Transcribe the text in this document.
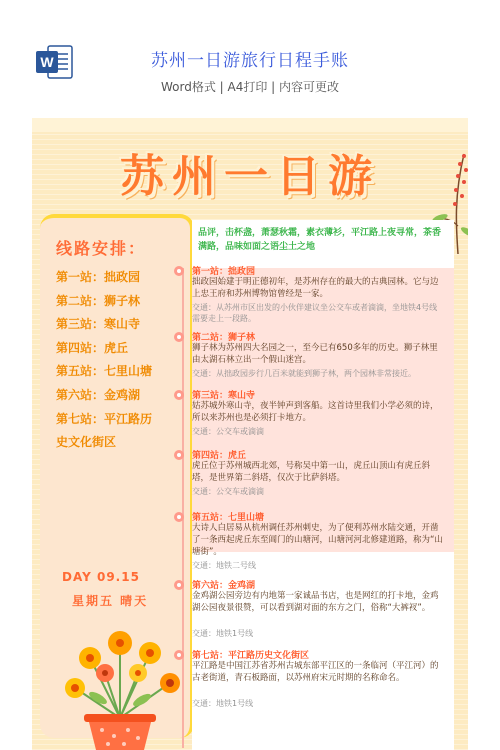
W	苏州一日游旅行日程手账
Word格式 | A4打印 | 内容可更改
苏州一日游
线路安排：
第一站：拙政园
第二站：狮子林
第三站：寒山寺
第四站：虎丘
第五站：七里山塘
第六站：金鸡湖
第七站：平江路历
史文化街区
DAY 09.15
星期五 晴天
品评，击杯盏，萧瑟秋霜，素衣薄衫，平江路上夜寻常，茶香满路，品味如面之语尘土之地
第一站：拙政园
拙政园始建于明正德初年，是苏州存在的最大的古典园林。它与边上忠王府和苏州博物馆曾经是一家。
交通：从苏州市区出发的小伙伴建议坐公交车或者滴滴，坐地铁4号线需要走上一段路。
第二站：狮子林
狮子林为苏州四大名园之一，至今已有650多年的历史。狮子林里由太湖石林立出一个假山迷宫。
交通：从拙政园步行几百米就能到狮子林，两个园林非常接近。
第三站：寒山寺
姑苏城外寒山寺，夜半钟声到客船。这首诗里我们小学必须的诗，所以来苏州也是必须打卡地方。
交通：公交车或滴滴
第四站：虎丘
虎丘位于苏州城西北郊，号称吴中第一山，虎丘山顶山有虎丘斜塔，是世界第二斜塔，仅次于比萨斜塔。
交通：公交车或滴滴
第五站：七里山塘
大诗人白居易从杭州调任苏州刺史，为了便利苏州水陆交通，开凿了一条西起虎丘东至阊门的山塘河，山塘河河北修建道路，称为“山塘街”。
交通：地铁二号线
第六站：金鸡湖
金鸡湖公园旁边有内地第一家诚品书店，也是网红的打卡地，金鸡湖公园夜景很赞，可以看到湖对面的东方之门，俗称“大裤衩”。
交通：地铁1号线
第七站：平江路历史文化街区
平江路是中国江苏省苏州古城东部平江区的一条临河（平江河）的古老街道，青石板路面，以苏州府宋元时期的名称命名。
交通：地铁1号线
